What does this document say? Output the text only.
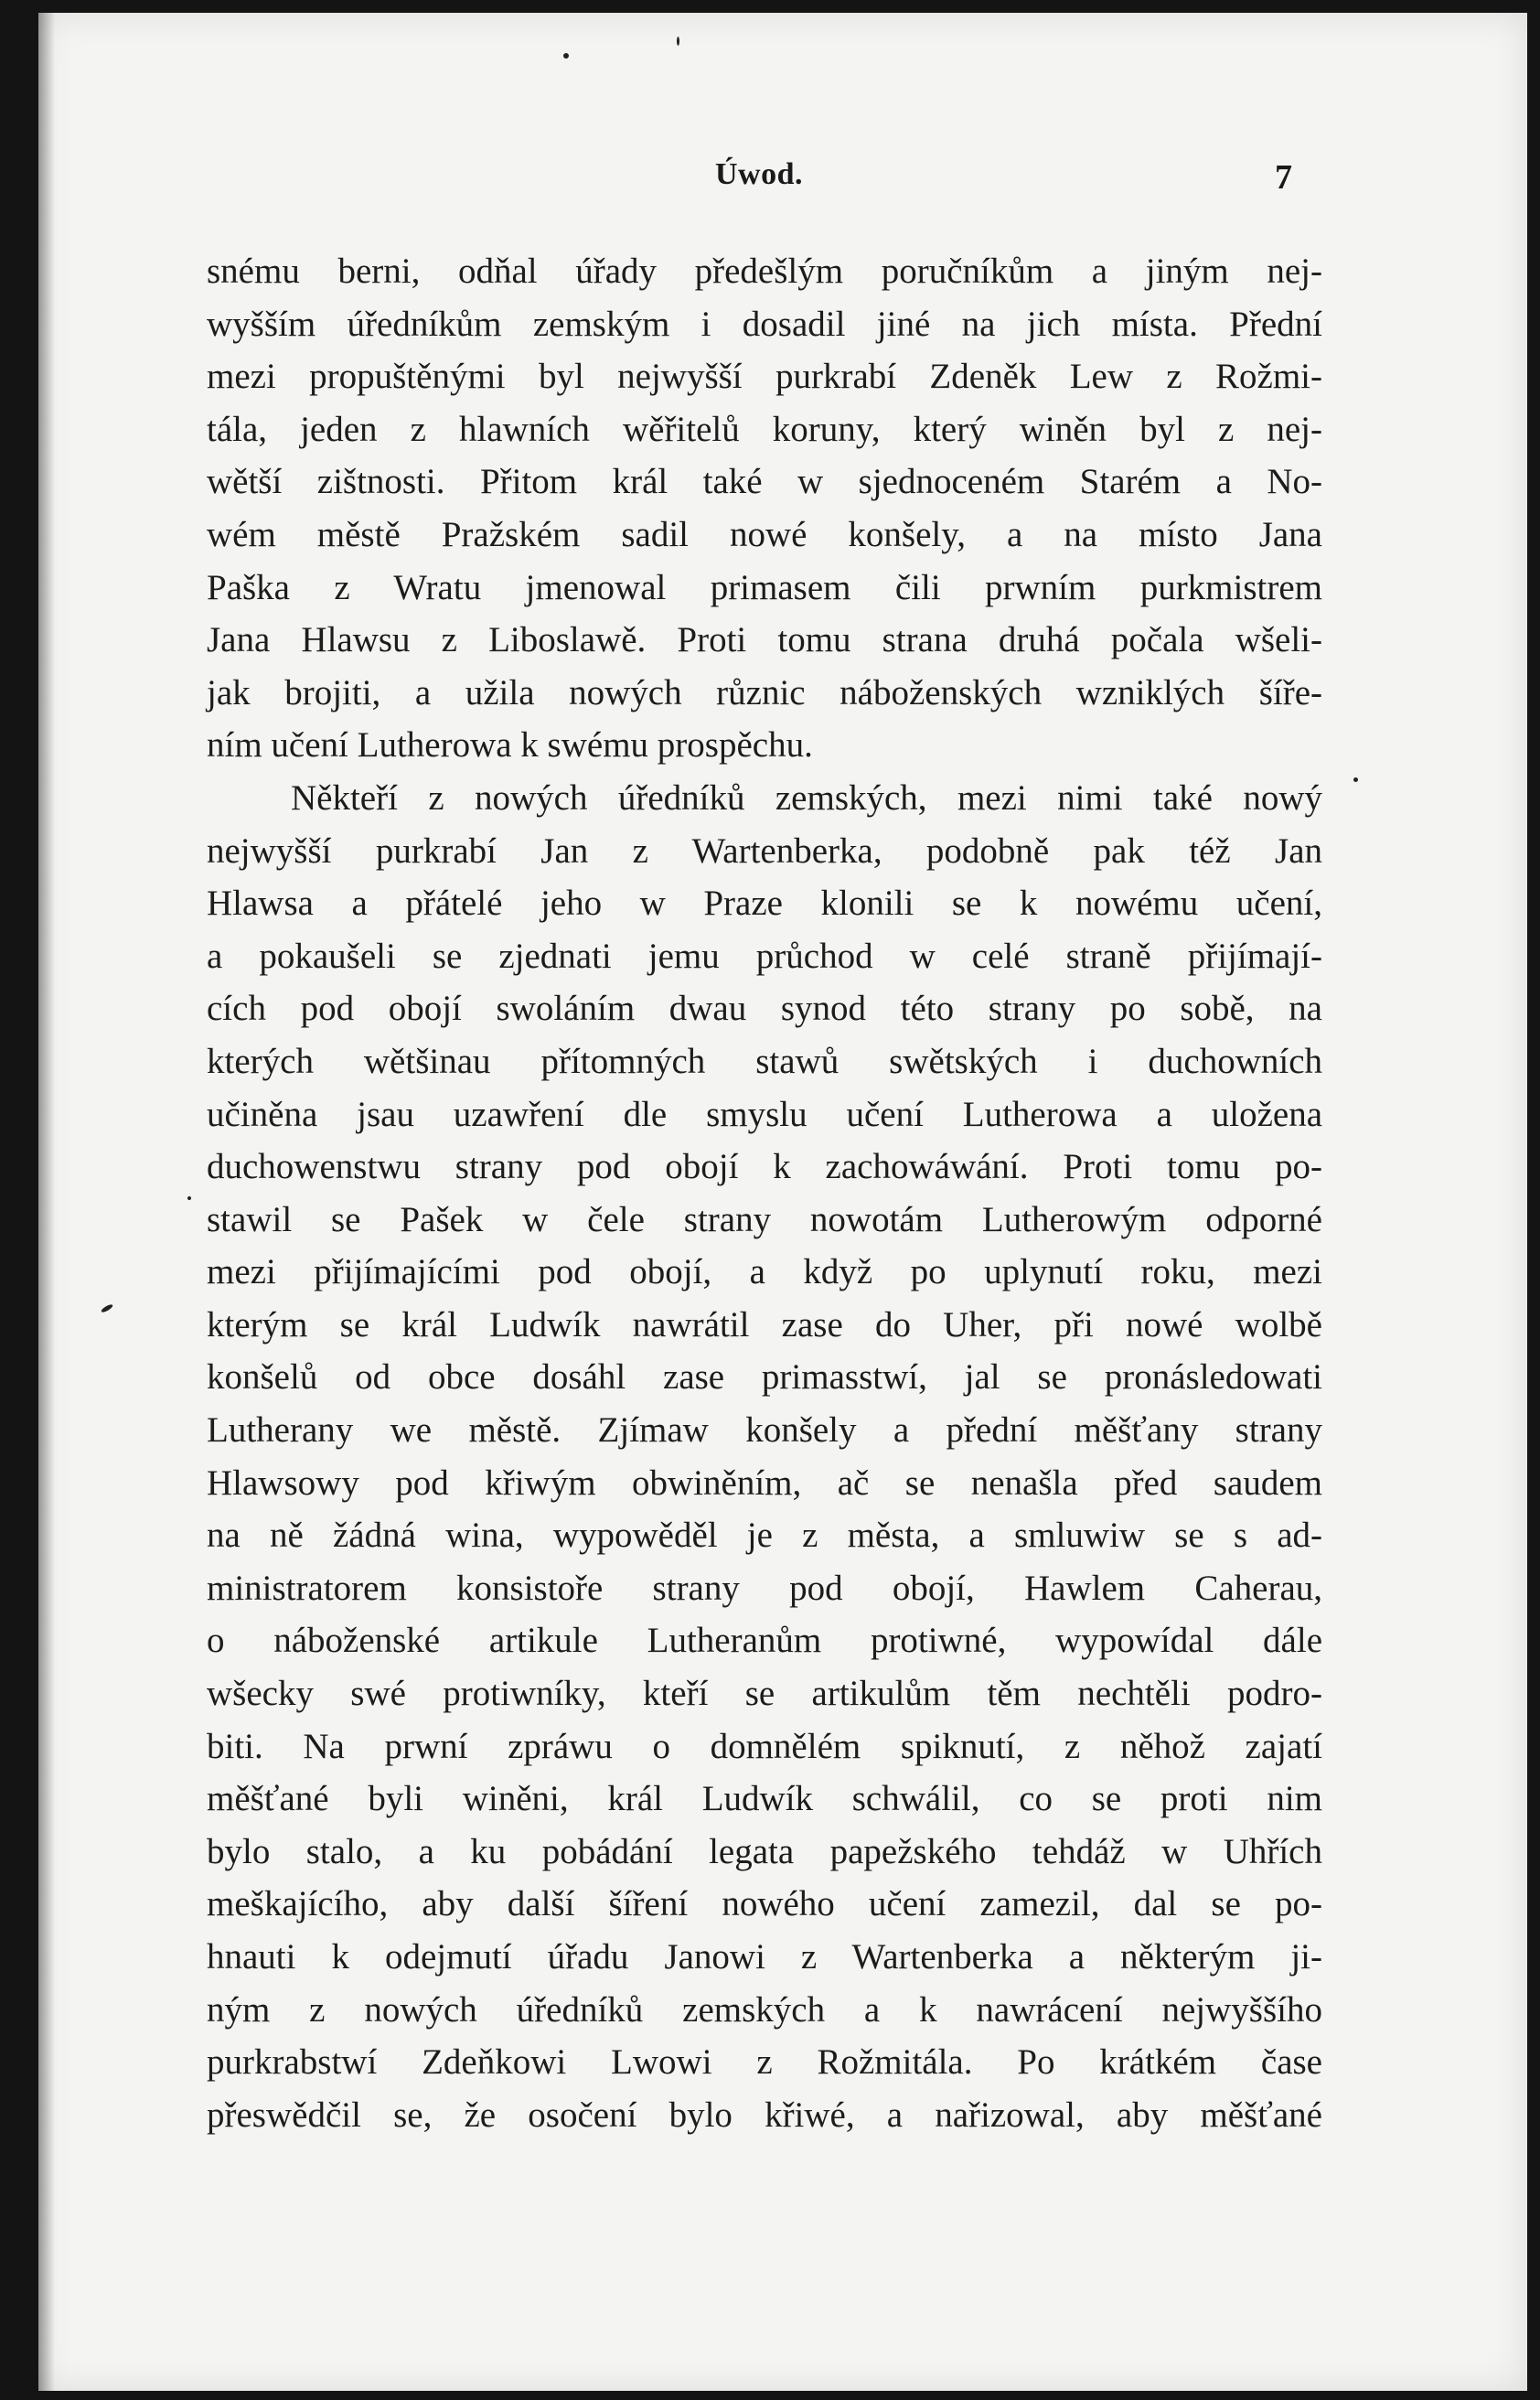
Úwod.	7
snému berni, odňal úřady předešlým poručníkům a jiným nej-
wyšším úředníkům zemským i dosadil jiné na jich místa. Přední
mezi propuštěnými byl nejwyšší purkrabí Zdeněk Lew z Rožmi-
tála, jeden z hlawních wěřitelů koruny, který winěn byl z nej-
wětší zištnosti. Přitom král také w sjednoceném Starém a No-
wém městě Pražském sadil nowé konšely, a na místo Jana
Paška z Wratu jmenowal primasem čili prwním purkmistrem
Jana Hlawsu z Liboslawě. Proti tomu strana druhá počala wšeli-
jak brojiti, a užila nowých různic náboženských wzniklých šíře-
ním učení Lutherowa k swému prospěchu.
Někteří z nowých úředníků zemských, mezi nimi také nowý
nejwyšší purkrabí Jan z Wartenberka, podobně pak též Jan
Hlawsa a přátelé jeho w Praze klonili se k nowému učení,
a pokaušeli se zjednati jemu průchod w celé straně přijímají-
cích pod obojí swoláním dwau synod této strany po sobě, na
kterých wětšinau přítomných stawů swětských i duchowních
učiněna jsau uzawření dle smyslu učení Lutherowa a uložena
duchowenstwu strany pod obojí k zachowáwání. Proti tomu po-
stawil se Pašek w čele strany nowotám Lutherowým odporné
mezi přijímajícími pod obojí, a když po uplynutí roku, mezi
kterým se král Ludwík nawrátil zase do Uher, při nowé wolbě
konšelů od obce dosáhl zase primasstwí, jal se pronásledowati
Lutherany we městě. Zjímaw konšely a přední měšťany strany
Hlawsowy pod křiwým obwiněním, ač se nenašla před saudem
na ně žádná wina, wypowěděl je z města, a smluwiw se s ad-
ministratorem konsistoře strany pod obojí, Hawlem Caherau,
o náboženské artikule Lutheranům protiwné, wypowídal dále
wšecky swé protiwníky, kteří se artikulům těm nechtěli podro-
biti. Na prwní zpráwu o domnělém spiknutí, z něhož zajatí
měšťané byli winěni, král Ludwík schwálil, co se proti nim
bylo stalo, a ku pobádání legata papežského tehdáž w Uhřích
meškajícího, aby další šíření nowého učení zamezil, dal se po-
hnauti k odejmutí úřadu Janowi z Wartenberka a některým ji-
ným z nowých úředníků zemských a k nawrácení nejwyššího
purkrabstwí Zdeňkowi Lwowi z Rožmitála. Po krátkém čase
přeswědčil se, že osočení bylo křiwé, a nařizowal, aby měšťané
